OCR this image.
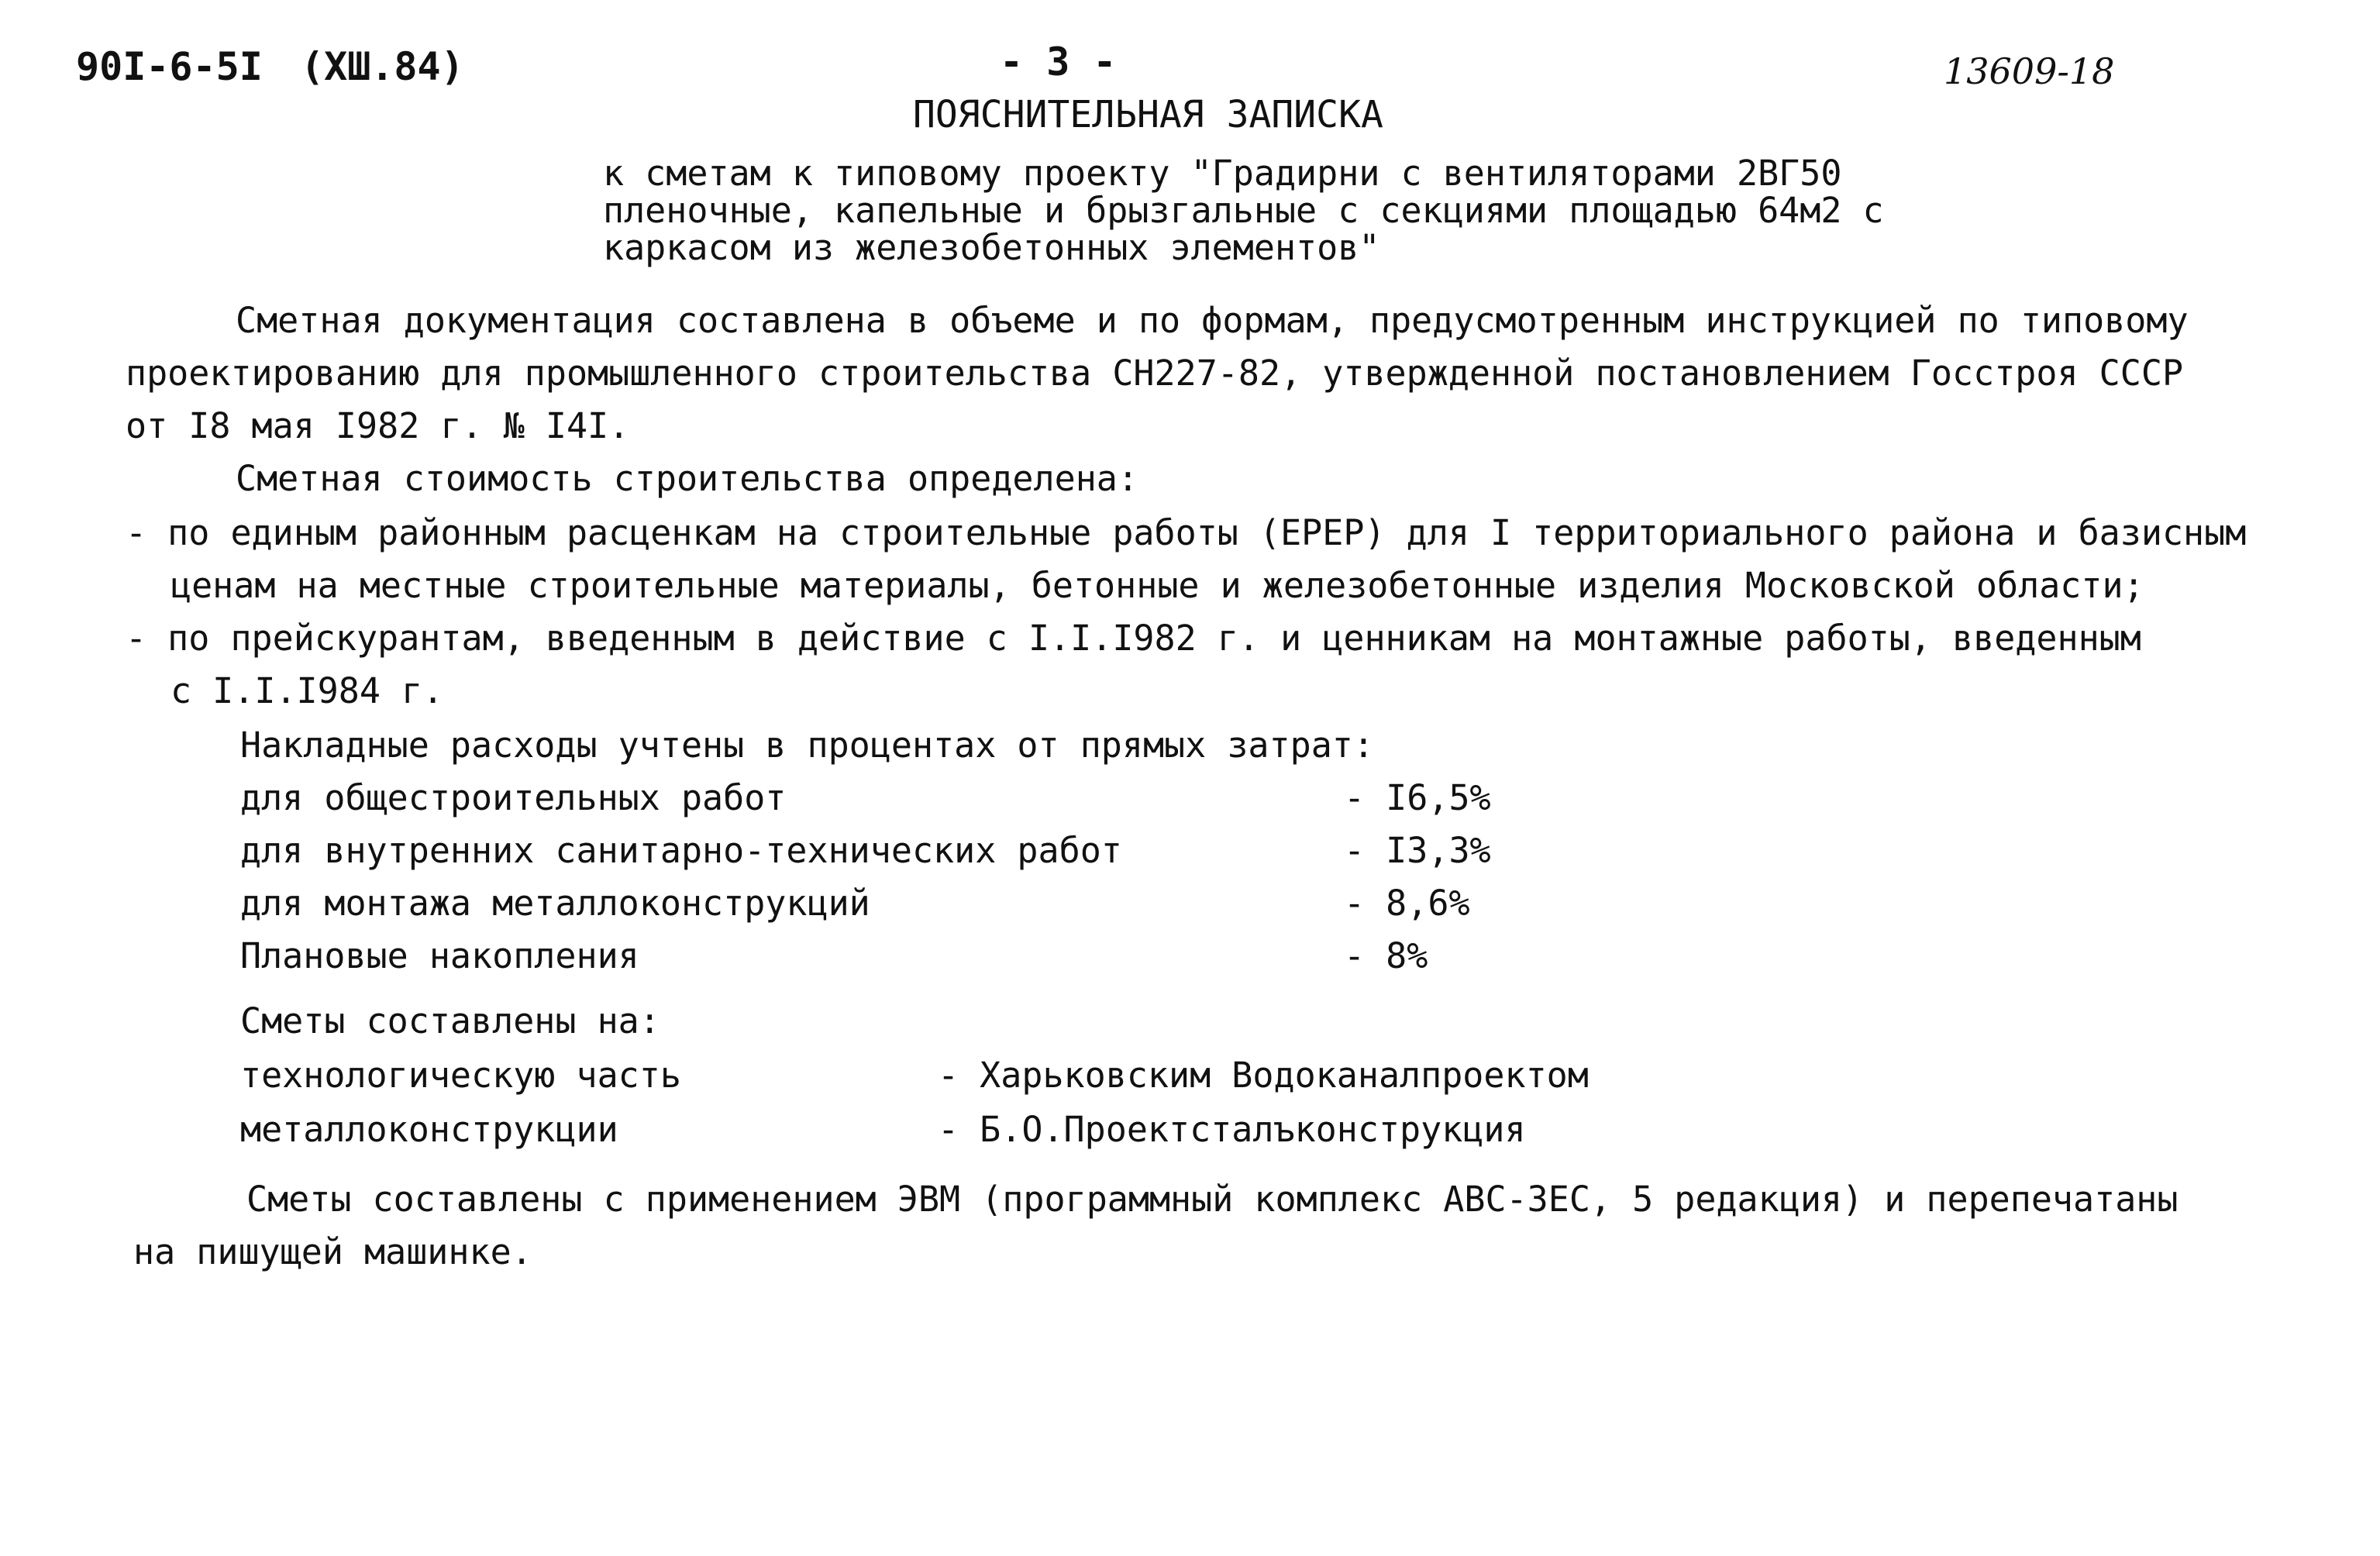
90I-6-5I (XШ.84)	- 3 -	13609-18
ПОЯСНИТЕЛЬНАЯ ЗАПИСКА
к сметам к типовому проекту "Градирни с вентиляторами 2ВГ50
пленочные, капельные и брызгальные с секциями площадью 64м2 с
каркасом из железобетонных элементов"
Сметная документация составлена в объеме и по формам, предусмотренным инструкцией по типовому
проектированию для промышленного строительства СН227-82, утвержденной постановлением Госстроя СССР
от I8 мая I982 г. № I4I.
Сметная стоимость строительства определена:
- по единым районным расценкам на строительные работы (ЕРЕР) для I территориального района и базисным
ценам на местные строительные материалы, бетонные и железобетонные изделия Московской области;
- по прейскурантам, введенным в действие с I.I.I982 г. и ценникам на монтажные работы, введенным
с I.I.I984 г.
Накладные расходы учтены в процентах от прямых затрат:
для общестроительных работ	- I6,5%
для внутренних санитарно-технических работ	- I3,3%
для монтажа металлоконструкций	- 8,6%
Плановые накопления	- 8%
Сметы составлены на:
технологическую часть	- Харьковским Водоканалпроектом
металлоконструкции	- Б.О.Проектсталъконструкция
Сметы составлены с применением ЭВМ (программный комплекс АВС-3ЕС, 5 редакция) и перепечатаны
на пишущей машинке.
